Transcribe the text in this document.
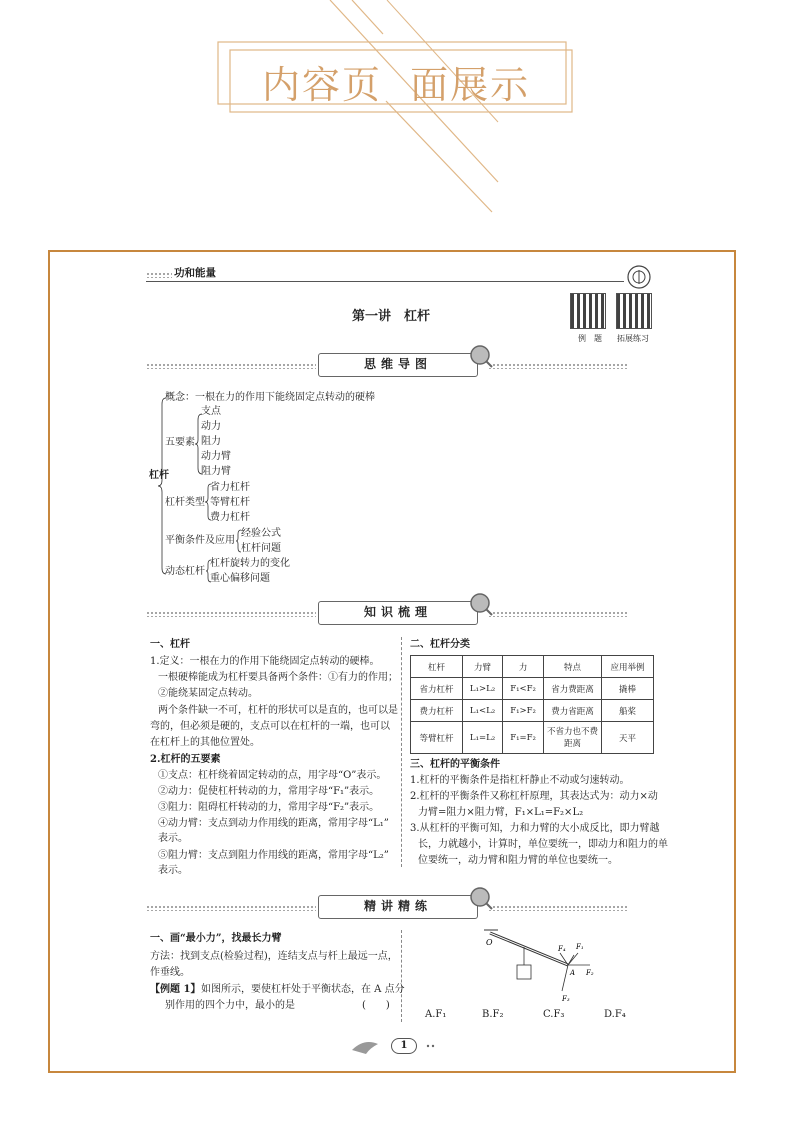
内容页  面展示
功和能量
第一讲　杠杆
例　题 拓展练习
思维导图
杠杆
概念：一根在力的作用下能绕固定点转动的硬棒
五要素
支点
动力
阻力
动力臂
阻力臂
杠杆类型
省力杠杆
等臂杠杆
费力杠杆
平衡条件及应用
经验公式
杠杆问题
动态杠杆
杠杆旋转力的变化
重心偏移问题
知识梳理
一、杠杆
1.定义：一根在力的作用下能绕固定点转动的硬棒。
一根硬棒能成为杠杆要具备两个条件：①有力的作用；
②能绕某固定点转动。
两个条件缺一不可，杠杆的形状可以是直的，也可以是
弯的，但必须是硬的，支点可以在杠杆的一端，也可以
在杠杆上的其他位置处。
2.杠杆的五要素
①支点：杠杆绕着固定转动的点，用字母“O”表示。
②动力：促使杠杆转动的力，常用字母“F₁”表示。
③阻力：阻碍杠杆转动的力，常用字母“F₂”表示。
④动力臂：支点到动力作用线的距离，常用字母“L₁”
表示。
⑤阻力臂：支点到阻力作用线的距离，常用字母“L₂”
表示。
二、杠杆分类
杠杆	力臂	力	特点	应用举例
省力杠杆	L₁>L₂	F₁<F₂	省力费距离	撬棒
费力杠杆	L₁<L₂	F₁>F₂	费力省距离	船桨
等臂杠杆	L₁=L₂	F₁=F₂	不省力也不费距离	天平
三、杠杆的平衡条件
1.杠杆的平衡条件是指杠杆静止不动或匀速转动。
2.杠杆的平衡条件又称杠杆原理，其表达式为：动力×动
力臂=阻力×阻力臂，F₁×L₁=F₂×L₂
3.从杠杆的平衡可知，力和力臂的大小成反比，即力臂越
长，力就越小，计算时，单位要统一，即动力和阻力的单
位要统一，动力臂和阻力臂的单位也要统一。
精讲精练
一、画“最小力”，找最长力臂
方法：找到支点(检验过程)，连结支点与杆上最远一点，
作垂线。
【例题 1】 如图所示，要使杠杆处于平衡状态，在 A 点分
别作用的四个力中，最小的是	(　　)
O
A
F₁
F₂
F₃
F₄
A.F₁	B.F₂	C.F₃	D.F₄
1
